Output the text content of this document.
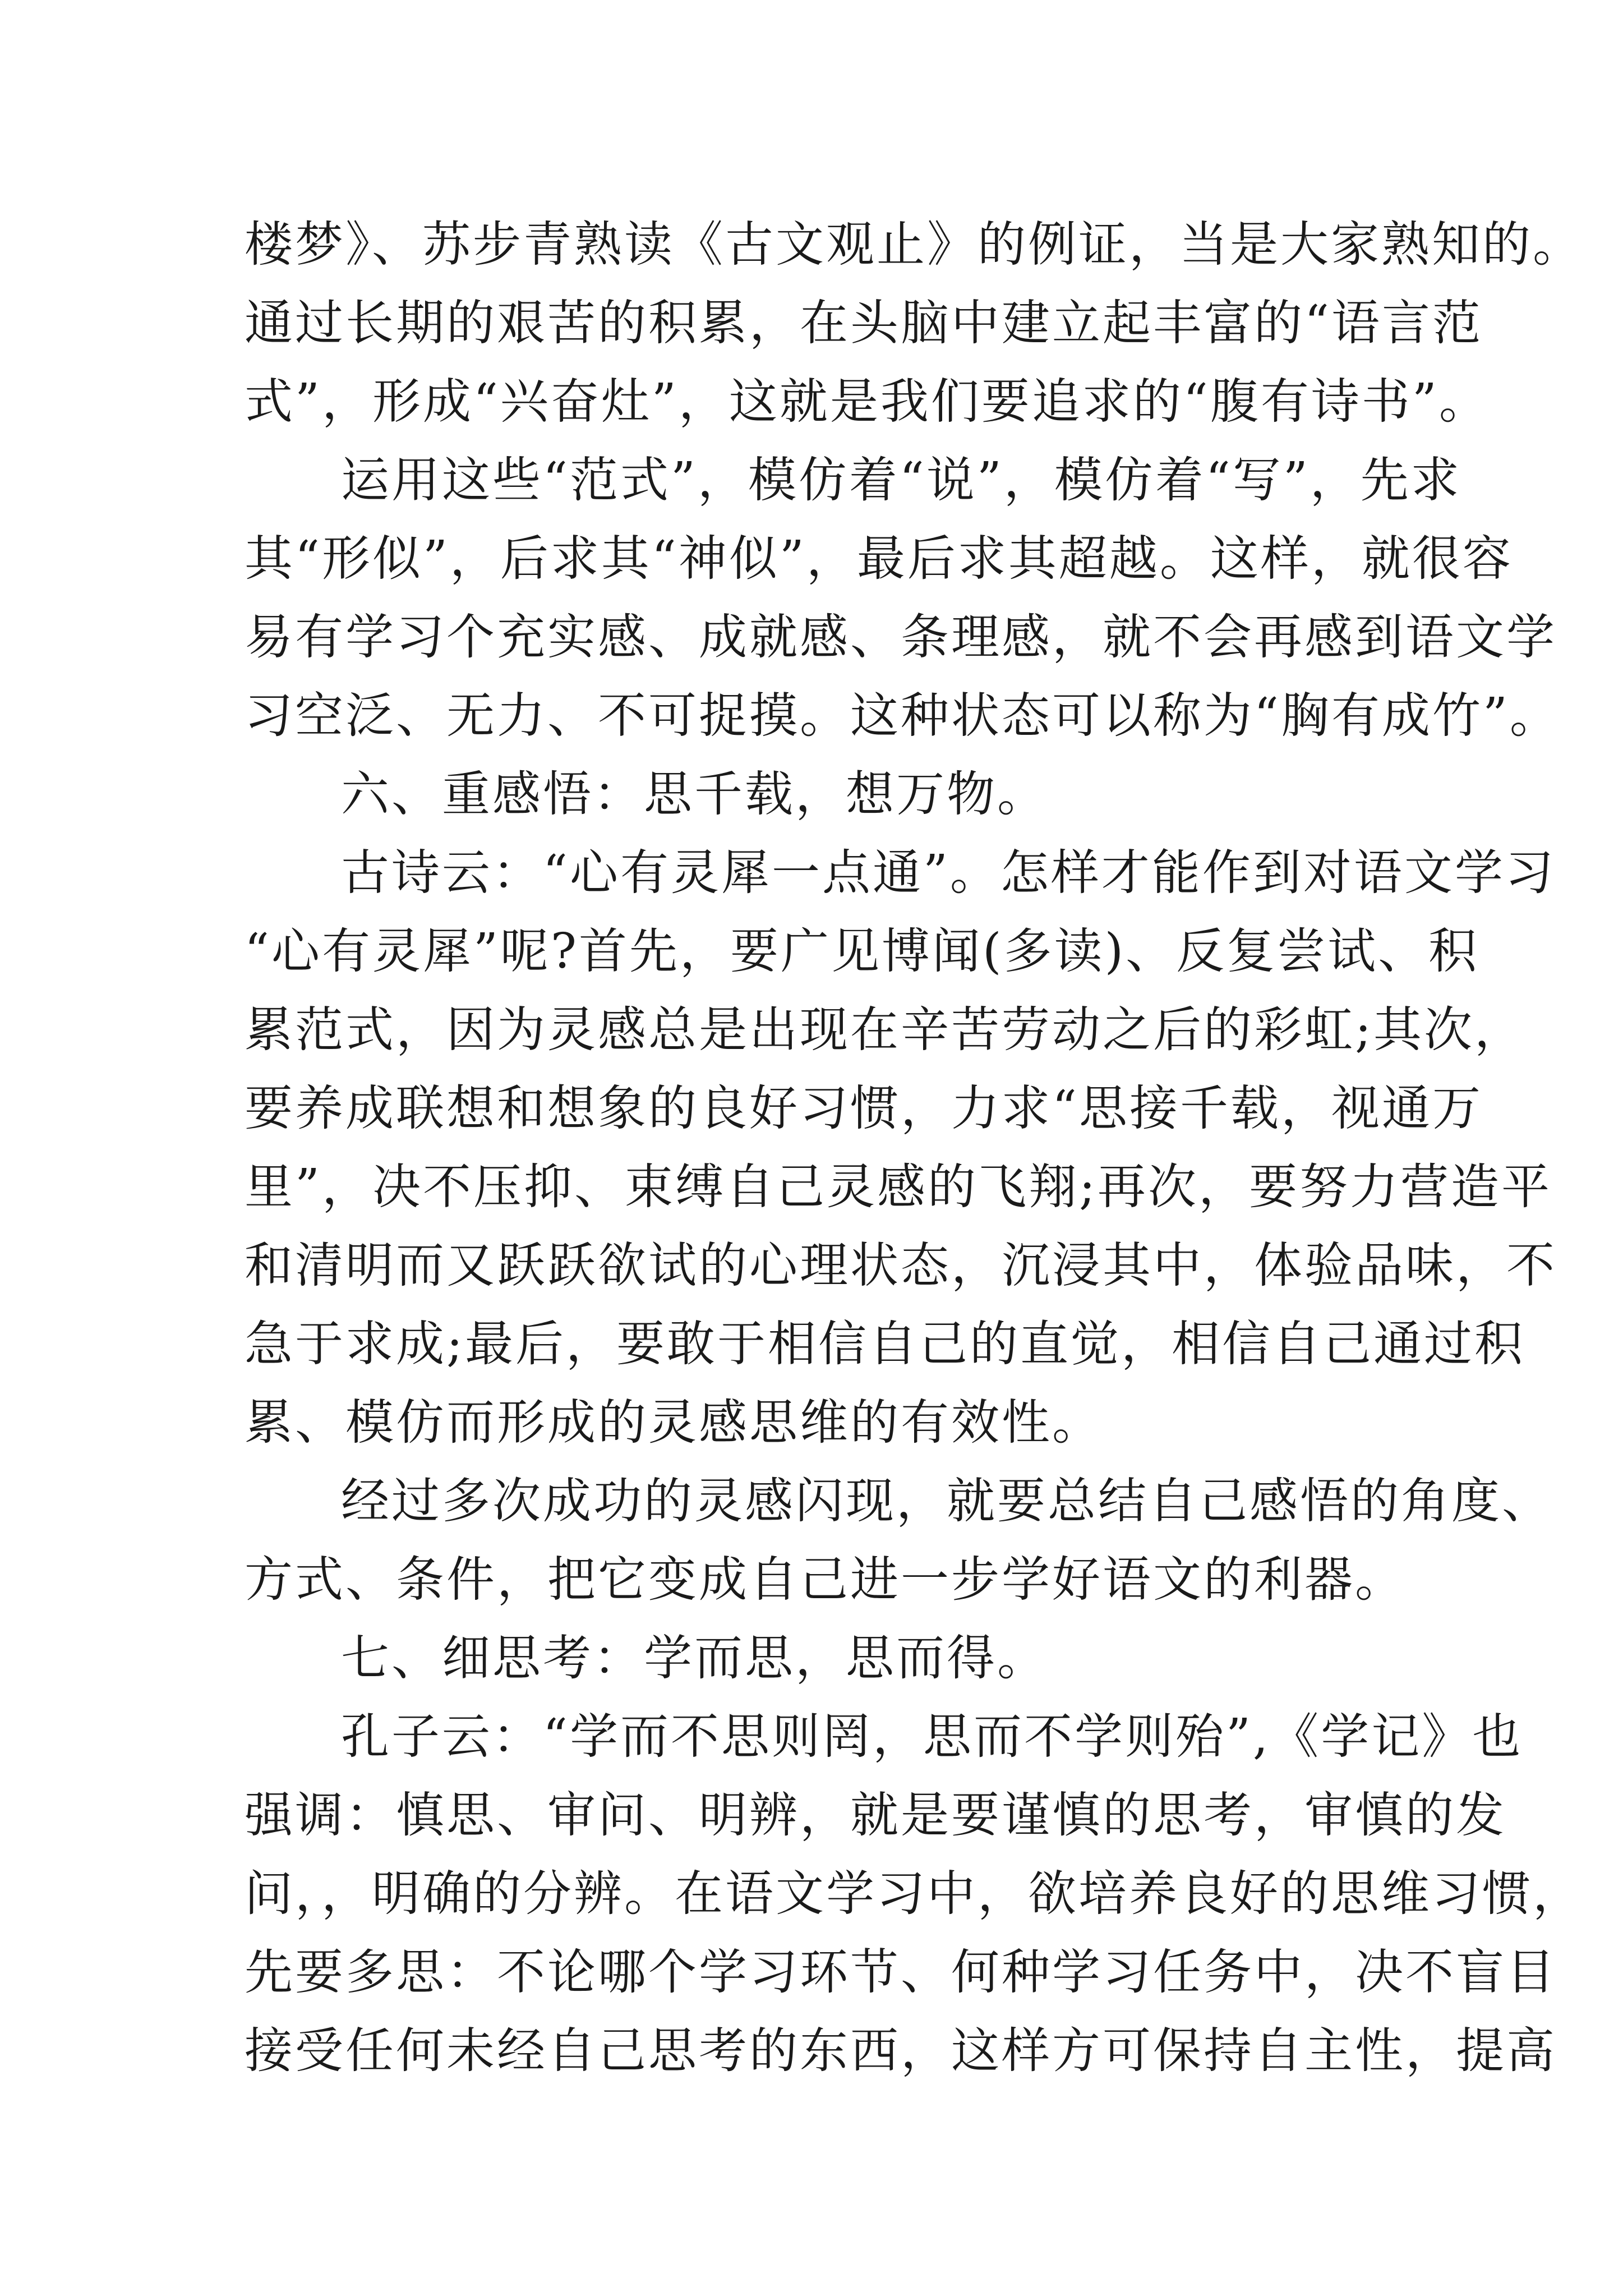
楼梦》、苏步青熟读《古文观止》的例证，当是大家熟知的。
通过长期的艰苦的积累，在头脑中建立起丰富的“语言范
式”，形成“兴奋灶”，这就是我们要追求的“腹有诗书”。
运用这些“范式”，模仿着“说”，模仿着“写”，先求
其“形似”，后求其“神似”，最后求其超越。这样，就很容
易有学习个充实感、成就感、条理感，就不会再感到语文学
习空泛、无力、不可捉摸。这种状态可以称为“胸有成竹”。
六、重感悟：思千载，想万物。
古诗云：“心有灵犀一点通”。怎样才能作到对语文学习
“心有灵犀”呢?首先，要广见博闻(多读)、反复尝试、积
累范式，因为灵感总是出现在辛苦劳动之后的彩虹;其次，
要养成联想和想象的良好习惯，力求“思接千载，视通万
里”，决不压抑、束缚自己灵感的飞翔;再次，要努力营造平
和清明而又跃跃欲试的心理状态，沉浸其中，体验品味，不
急于求成;最后，要敢于相信自己的直觉，相信自己通过积
累、模仿而形成的灵感思维的有效性。
经过多次成功的灵感闪现，就要总结自己感悟的角度、
方式、条件，把它变成自己进一步学好语文的利器。
七、细思考：学而思，思而得。
孔子云：“学而不思则罔，思而不学则殆”,《学记》也
强调：慎思、审问、明辨，就是要谨慎的思考，审慎的发
问，，明确的分辨。在语文学习中，欲培养良好的思维习惯，
先要多思：不论哪个学习环节、何种学习任务中，决不盲目
接受任何未经自己思考的东西，这样方可保持自主性，提高
